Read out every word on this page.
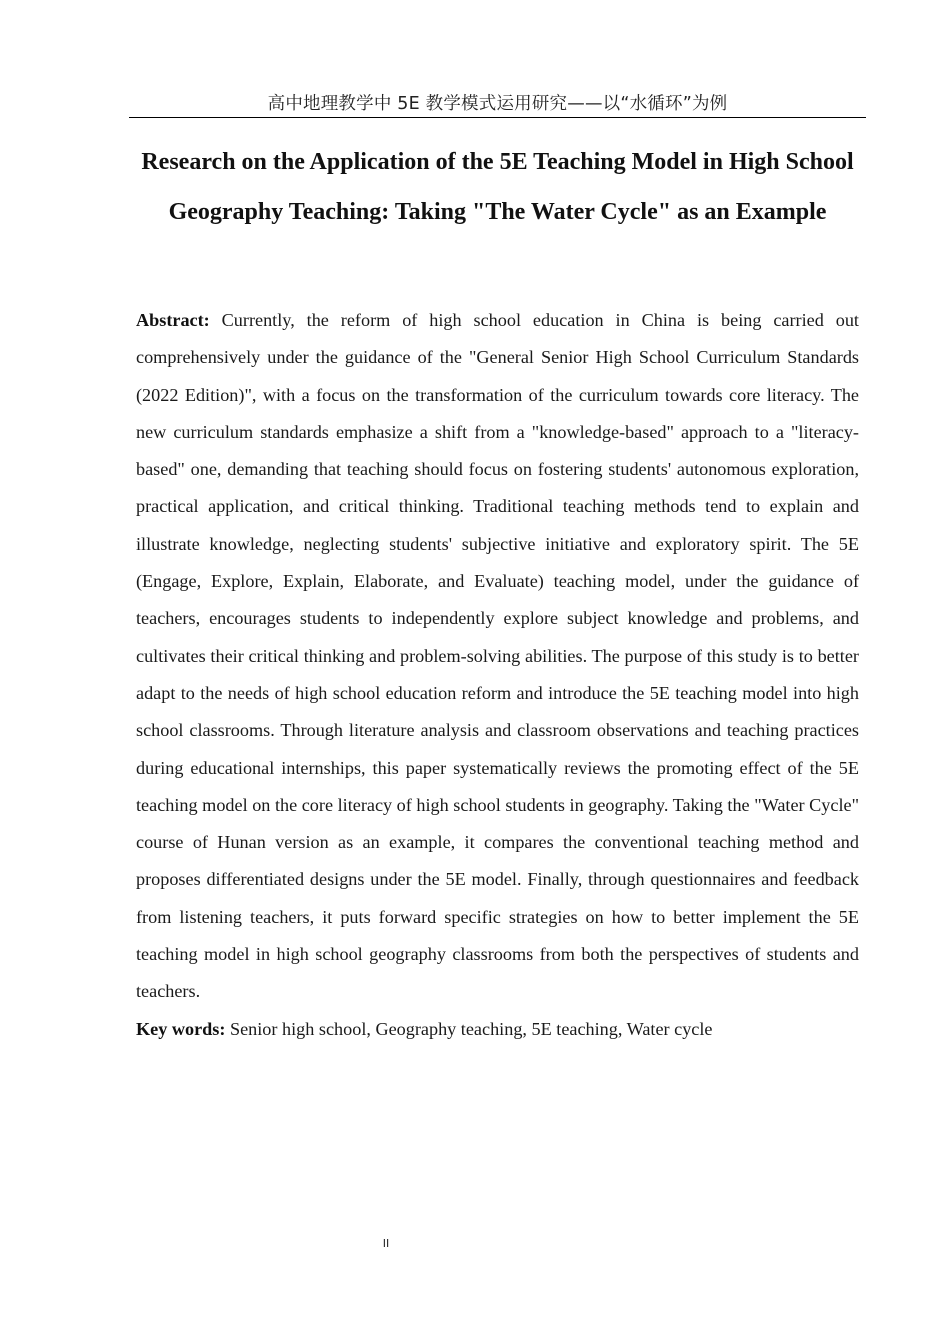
高中地理教学中 5E 教学模式运用研究——以“水循环”为例
Research on the Application of the 5E Teaching Model in High School Geography Teaching: Taking "The Water Cycle" as an Example

Abstract: Currently, the reform of high school education in China is being carried out comprehensively under the guidance of the "General Senior High School Curriculum Standards (2022 Edition)", with a focus on the transformation of the curriculum towards core literacy. The new curriculum standards emphasize a shift from a "knowledge-based" approach to a "literacy-based" one, demanding that teaching should focus on fostering students' autonomous exploration, practical application, and critical thinking. Traditional teaching methods tend to explain and illustrate knowledge, neglecting students' subjective initiative and exploratory spirit. The 5E (Engage, Explore, Explain, Elaborate, and Evaluate) teaching model, under the guidance of teachers, encourages students to independently explore subject knowledge and problems, and cultivates their critical thinking and problem-solving abilities. The purpose of this study is to better adapt to the needs of high school education reform and introduce the 5E teaching model into high school classrooms. Through literature analysis and classroom observations and teaching practices during educational internships, this paper systematically reviews the promoting effect of the 5E teaching model on the core literacy of high school students in geography. Taking the "Water Cycle" course of Hunan version as an example, it compares the conventional teaching method and proposes differentiated designs under the 5E model. Finally, through questionnaires and feedback from listening teachers, it puts forward specific strategies on how to better implement the 5E teaching model in high school geography classrooms from both the perspectives of students and teachers.

Key words: Senior high school, Geography teaching, 5E teaching, Water cycle

II
